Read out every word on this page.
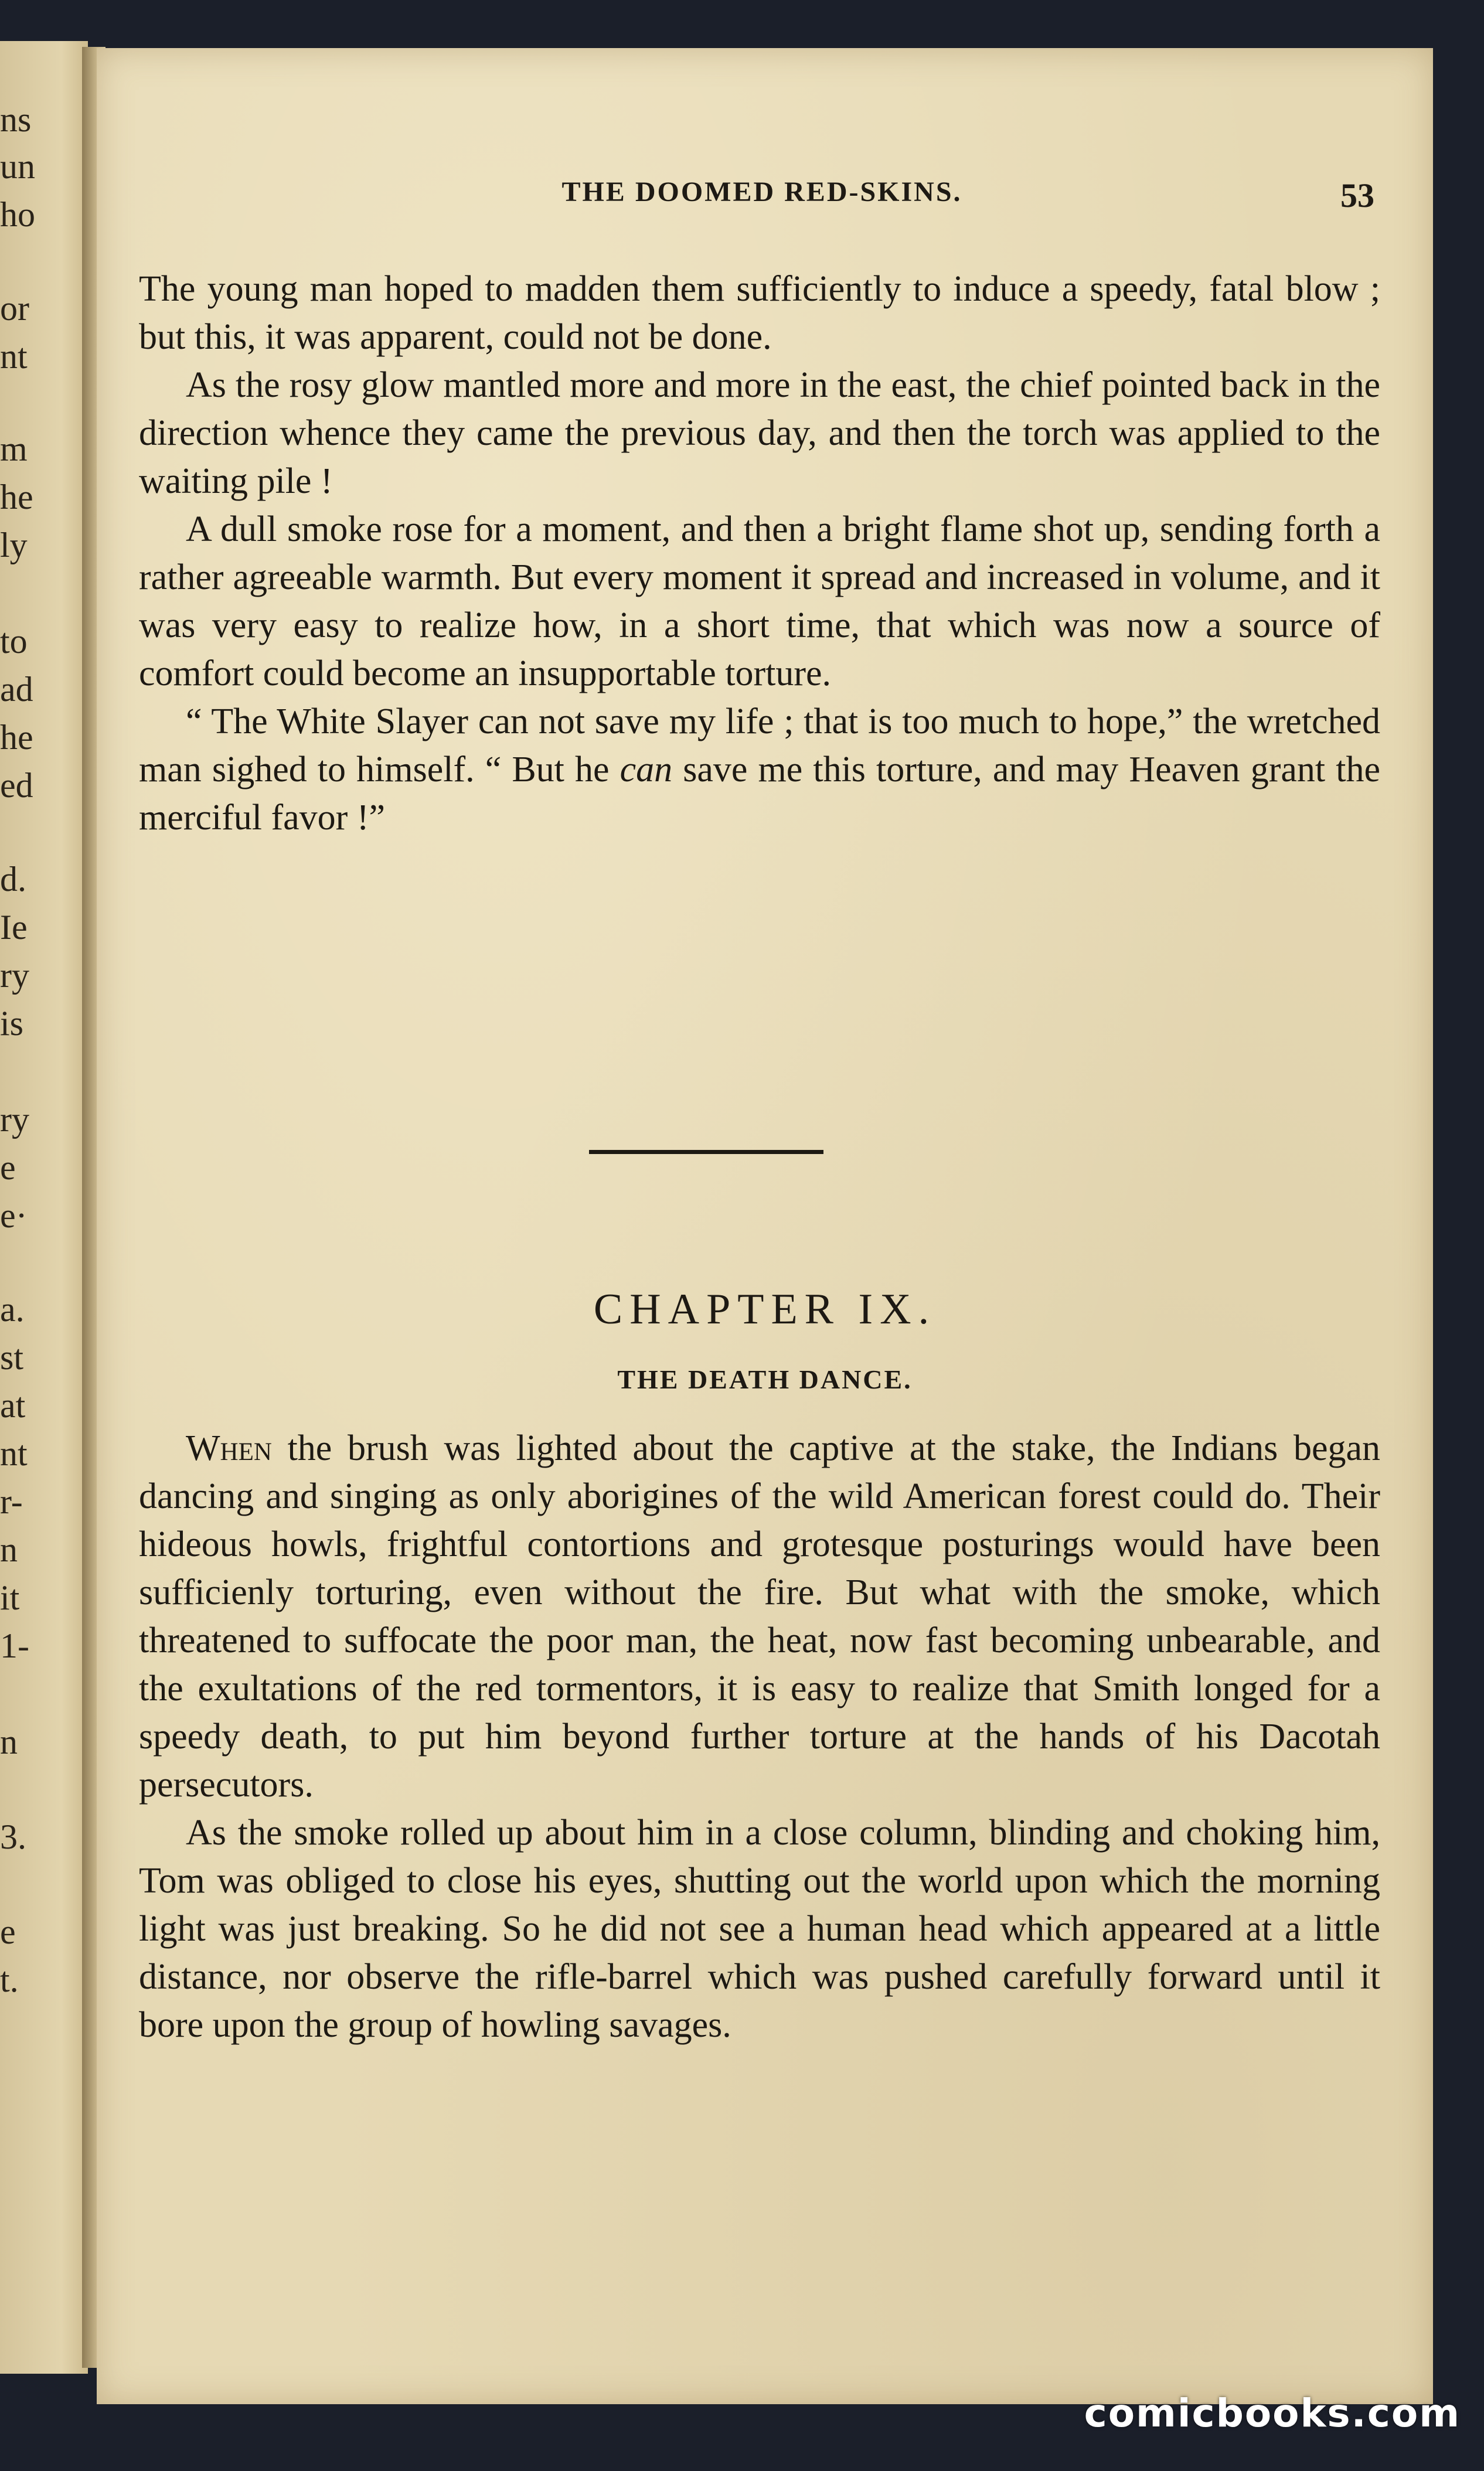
ns
un
ho
or
nt
m
he
ly
to
ad
he
ed
d.
Ie
ry
is
ry
e
e·
a.
st
at
nt
r-
n
it
1-
n
3.
e
t.
THE DOOMED RED-SKINS.	53

The young man hoped to madden them sufficiently to induce a speedy, fatal blow ; but this, it was apparent, could not be done.

As the rosy glow mantled more and more in the east, the chief pointed back in the direction whence they came the previous day, and then the torch was applied to the waiting pile !

A dull smoke rose for a moment, and then a bright flame shot up, sending forth a rather agreeable warmth. But every moment it spread and increased in volume, and it was very easy to realize how, in a short time, that which was now a source of comfort could become an insupportable torture.

“ The White Slayer can not save my life ; that is too much to hope,” the wretched man sighed to himself. “ But he can save me this torture, and may Heaven grant the merciful favor !”

CHAPTER IX.
THE DEATH DANCE.

When the brush was lighted about the captive at the stake, the Indians began dancing and singing as only aborigines of the wild American forest could do. Their hideous howls, frightful contortions and grotesque posturings would have been sufficienly torturing, even without the fire. But what with the smoke, which threatened to suffocate the poor man, the heat, now fast becoming unbearable, and the exultations of the red tormentors, it is easy to realize that Smith longed for a speedy death, to put him beyond further torture at the hands of his Dacotah persecutors.

As the smoke rolled up about him in a close column, blinding and choking him, Tom was obliged to close his eyes, shutting out the world upon which the morning light was just breaking. So he did not see a human head which appeared at a little distance, nor observe the rifle-barrel which was pushed carefully forward until it bore upon the group of howling savages.

comicbooks.com
